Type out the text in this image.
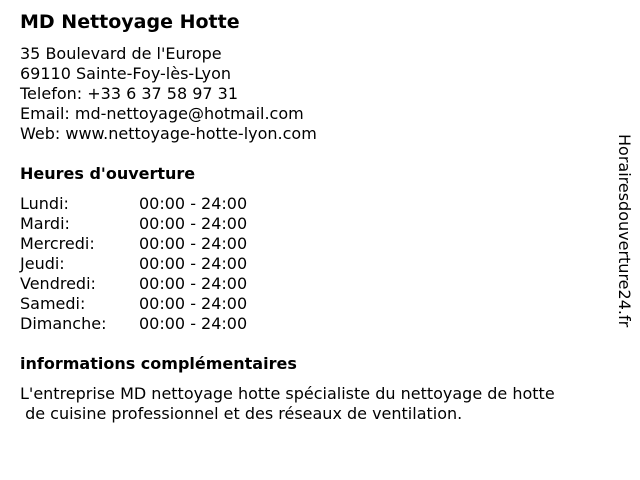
MD Nettoyage Hotte
35 Boulevard de l'Europe
69110 Sainte-Foy-lès-Lyon
Telefon: +33 6 37 58 97 31
Email: md-nettoyage@hotmail.com
Web: www.nettoyage-hotte-lyon.com
Heures d'ouverture
Lundi:	00:00 - 24:00
Mardi:	00:00 - 24:00
Mercredi:	00:00 - 24:00
Jeudi:	00:00 - 24:00
Vendredi:	00:00 - 24:00
Samedi:	00:00 - 24:00
Dimanche: 00:00 - 24:00
informations complémentaires
L'entreprise MD nettoyage hotte spécialiste du nettoyage de hotte
de cuisine professionnel et des réseaux de ventilation.
Horairesdouverture24.fr
